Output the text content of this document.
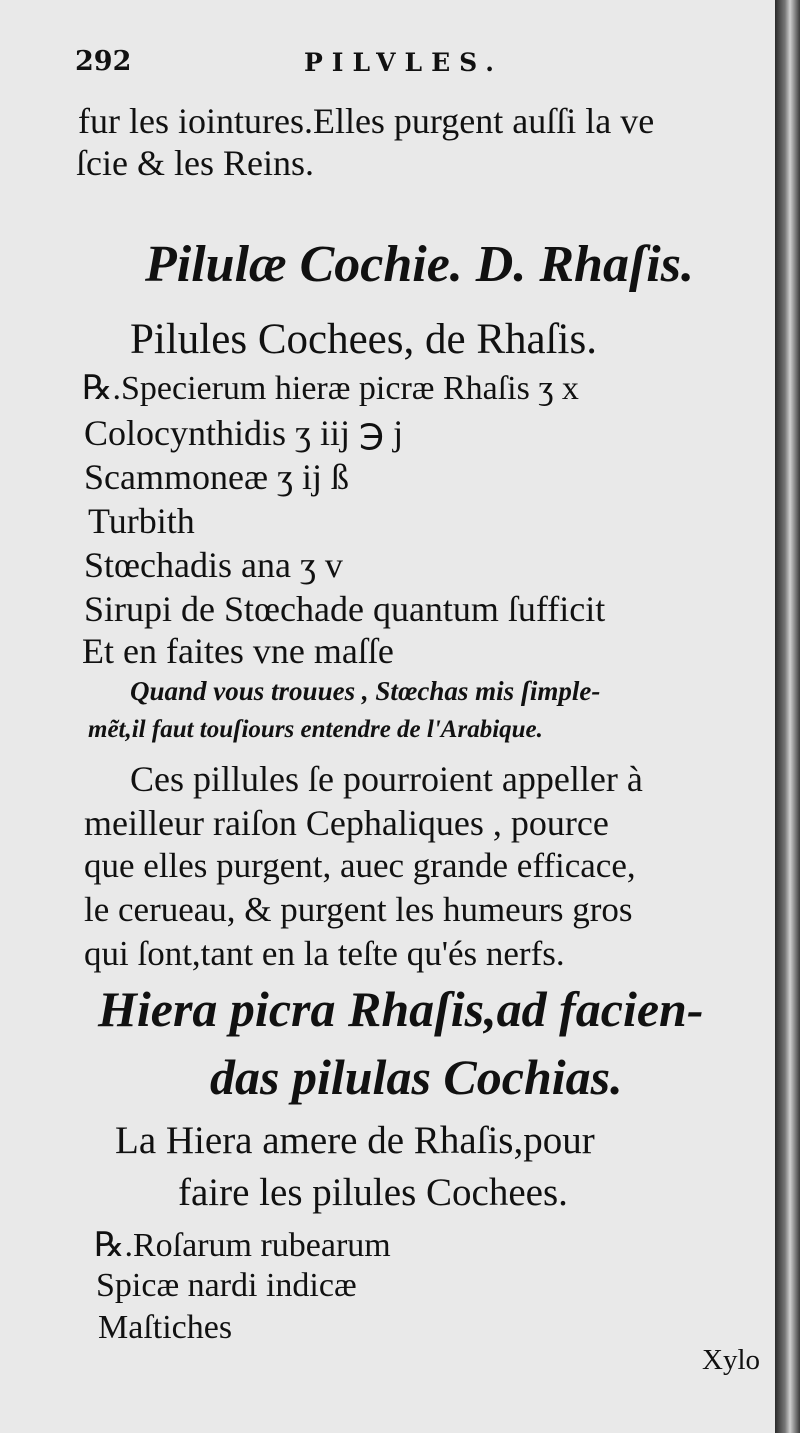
292	PILVLES.
fur les iointures.Elles purgent auſſi la ve
ſcie & les Reins.
Pilulæ Cochie. D. Rhaſis.
Pilules Cochees, de Rhaſis.
℞.Specierum hieræ picræ Rhaſis ʒ x
Colocynthidis ʒ iij ℈ j
Scammoneæ ʒ ij ß
Turbith
Stœchadis ana ʒ v
Sirupi de Stœchade quantum ſufficit
Et en faites vne maſſe
Quand vous trouues , Stœchas mis ſimple-
mẽt,il faut touſiours entendre de l'Arabique.
Ces pillules ſe pourroient appeller à
meilleur raiſon Cephaliques , pource
que elles purgent, auec grande efficace,
le cerueau, & purgent les humeurs gros
qui ſont,tant en la teſte qu'és nerfs.
Hiera picra Rhaſis,ad facien-
das pilulas Cochias.
La Hiera amere de Rhaſis,pour
faire les pilules Cochees.
℞.Roſarum rubearum
Spicæ nardi indicæ
Maſtiches
Xylo
